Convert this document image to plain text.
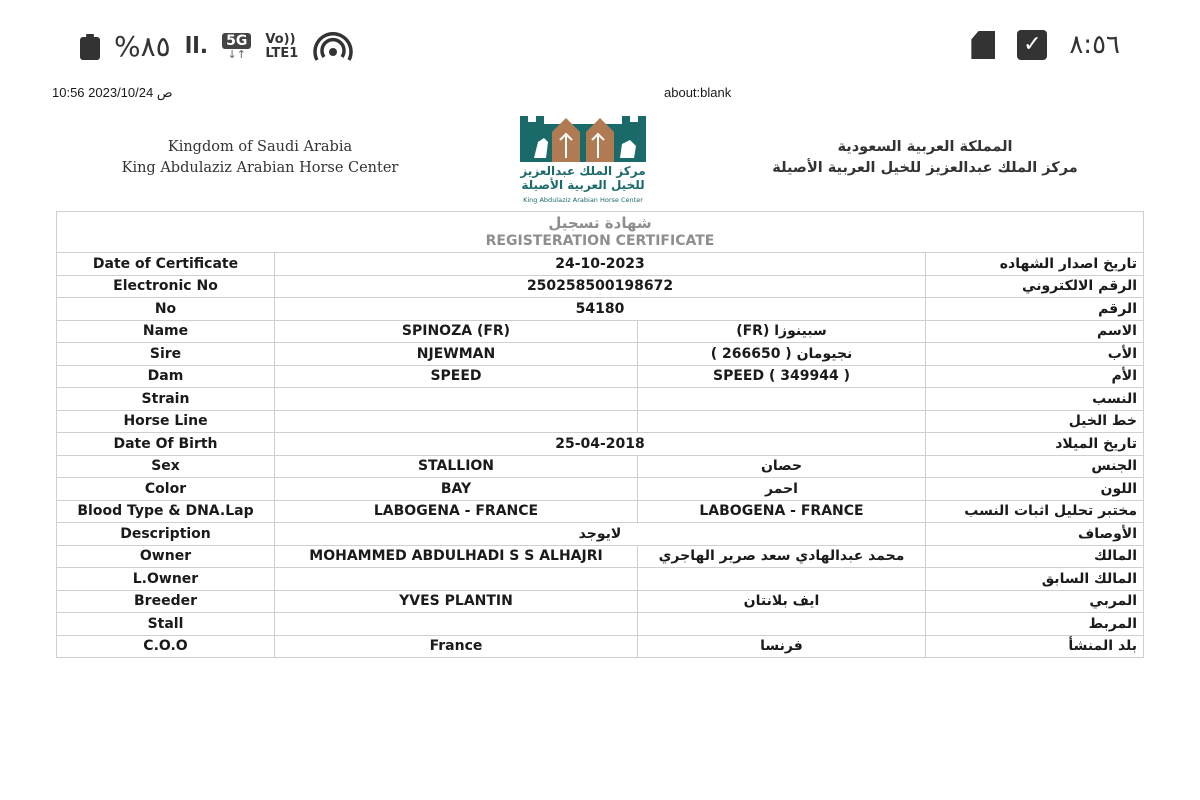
%٨٥ ll. 5G
↓↑
Vo))
LTE1	✓ ٨:٥٦
10:56 2023/10/24 ص	about:blank
Kingdom of Saudi Arabia
King Abdulaziz Arabian Horse Center	مركز الملك عبدالعزيز
للخيل العربية الأصيلة
King Abdulaziz Arabian Horse Center
المملكة العربية السعودية
مركز الملك عبدالعزيز للخيل العربية الأصيلة
شهادة تسجيل
REGISTERATION CERTIFICATE			

Date of Certificate	24-10-2023		تاريخ اصدار الشهاده
Electronic No	250258500198672		الرقم الالكتروني
No	54180		الرقم
Name	SPINOZA (FR)	سبينوزا (FR)	الاسم
Sire	NJEWMAN	نجيومان ( 266650 )	الأب
Dam	SPEED	SPEED ( 349944 )	الأم
Strain			النسب
Horse Line			خط الخيل
Date Of Birth	25-04-2018		تاريخ الميلاد
Sex	STALLION	حصان	الجنس
Color	BAY	احمر	اللون
Blood Type & DNA.Lap	LABOGENA - FRANCE	LABOGENA - FRANCE	مختبر تحليل اثبات النسب
Description	لايوجد		الأوصاف
Owner	MOHAMMED ABDULHADI S S ALHAJRI	محمد عبدالهادي سعد صرير الهاجري	المالك
L.Owner			المالك السابق
Breeder	YVES PLANTIN	ايف بلانتان	المربي
Stall			المربط
C.O.O	France	فرنسا	بلد المنشأ
